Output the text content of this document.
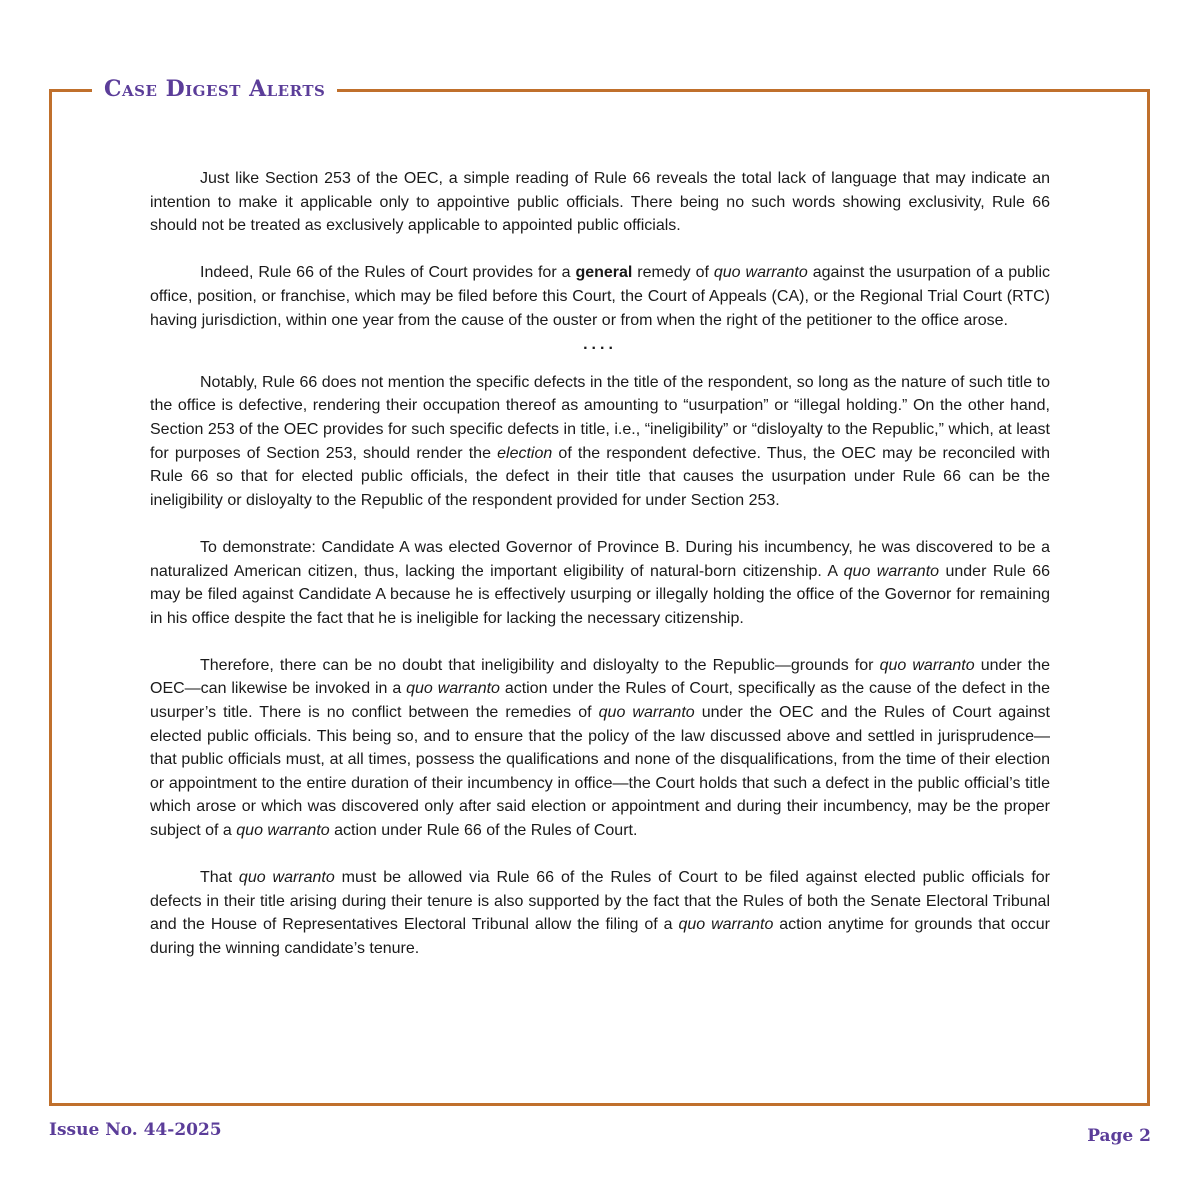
Case Digest Alerts

Just like Section 253 of the OEC, a simple reading of Rule 66 reveals the total lack of language that may indicate an intention to make it applicable only to appointive public officials. There being no such words showing exclusivity, Rule 66 should not be treated as exclusively applicable to appointed public officials.

Indeed, Rule 66 of the Rules of Court provides for a general remedy of quo warranto against the usurpation of a public office, position, or franchise, which may be filed before this Court, the Court of Appeals (CA), or the Regional Trial Court (RTC) having jurisdiction, within one year from the cause of the ouster or from when the right of the petitioner to the office arose.

....

Notably, Rule 66 does not mention the specific defects in the title of the respondent, so long as the nature of such title to the office is defective, rendering their occupation thereof as amounting to “usurpation” or “illegal holding.” On the other hand, Section 253 of the OEC provides for such specific defects in title, i.e., “ineligibility” or “disloyalty to the Republic,” which, at least for purposes of Section 253, should render the election of the respondent defective. Thus, the OEC may be reconciled with Rule 66 so that for elected public officials, the defect in their title that causes the usurpation under Rule 66 can be the ineligibility or disloyalty to the Republic of the respondent provided for under Section 253.

To demonstrate: Candidate A was elected Governor of Province B. During his incumbency, he was discovered to be a naturalized American citizen, thus, lacking the important eligibility of natural-born citizenship. A quo warranto under Rule 66 may be filed against Candidate A because he is effectively usurping or illegally holding the office of the Governor for remaining in his office despite the fact that he is ineligible for lacking the necessary citizenship.

Therefore, there can be no doubt that ineligibility and disloyalty to the Republic—grounds for quo warranto under the OEC—can likewise be invoked in a quo warranto action under the Rules of Court, specifically as the cause of the defect in the usurper’s title. There is no conflict between the remedies of quo warranto under the OEC and the Rules of Court against elected public officials. This being so, and to ensure that the policy of the law discussed above and settled in jurisprudence—that public officials must, at all times, possess the qualifications and none of the disqualifications, from the time of their election or appointment to the entire duration of their incumbency in office—the Court holds that such a defect in the public official’s title which arose or which was discovered only after said election or appointment and during their incumbency, may be the proper subject of a quo warranto action under Rule 66 of the Rules of Court.

That quo warranto must be allowed via Rule 66 of the Rules of Court to be filed against elected public officials for defects in their title arising during their tenure is also supported by the fact that the Rules of both the Senate Electoral Tribunal and the House of Representatives Electoral Tribunal allow the filing of a quo warranto action anytime for grounds that occur during the winning candidate’s tenure.

Issue No. 44-2025	Page 2
